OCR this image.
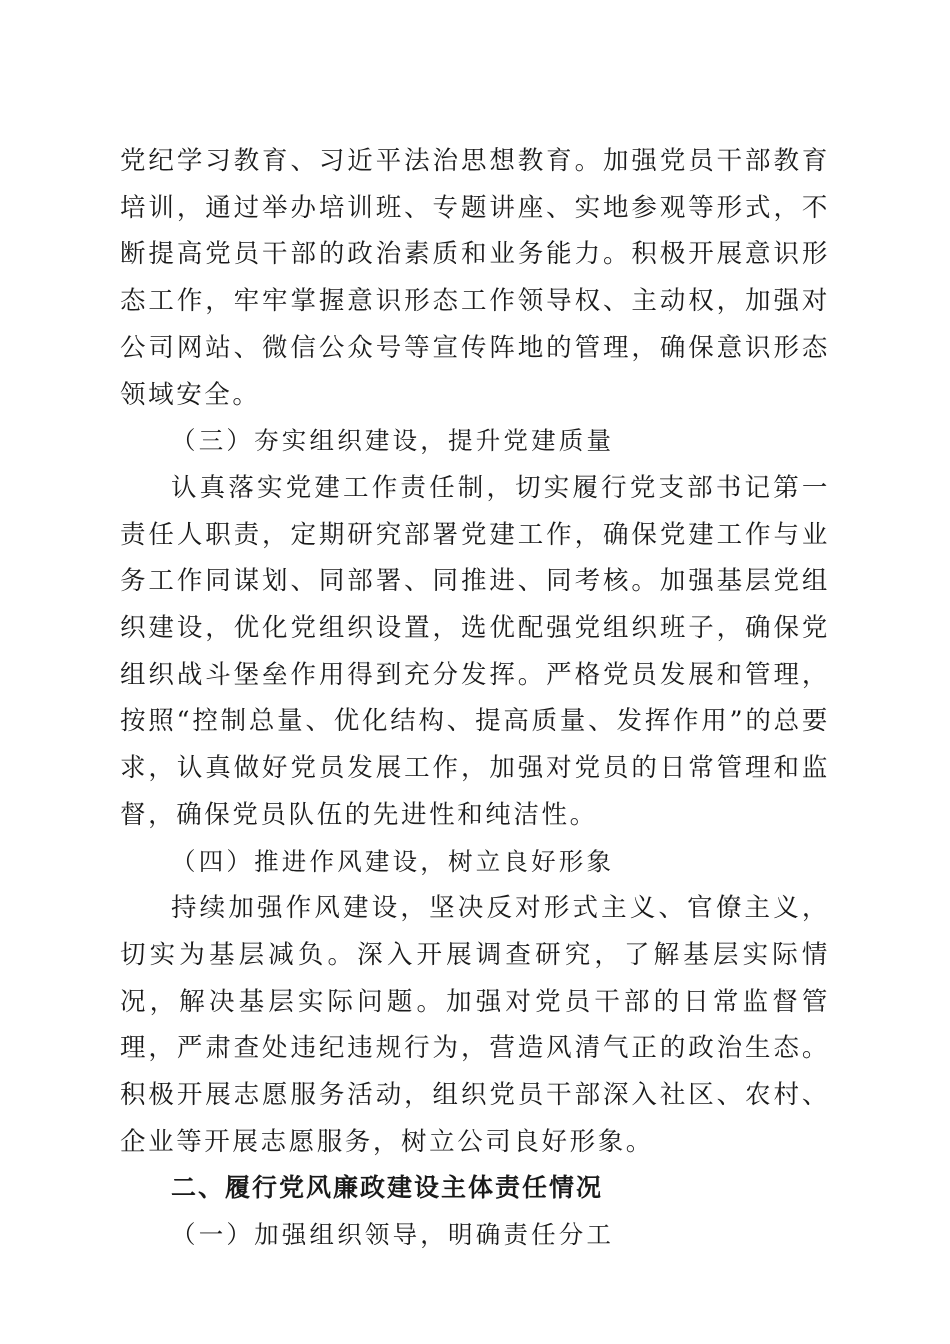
党纪学习教育、习近平法治思想教育。加强党员干部教育培训，通过举办培训班、专题讲座、实地参观等形式，不断提高党员干部的政治素质和业务能力。积极开展意识形态工作，牢牢掌握意识形态工作领导权、主动权，加强对公司网站、微信公众号等宣传阵地的管理，确保意识形态领域安全。

（三）夯实组织建设，提升党建质量

认真落实党建工作责任制，切实履行党支部书记第一责任人职责，定期研究部署党建工作，确保党建工作与业务工作同谋划、同部署、同推进、同考核。加强基层党组织建设，优化党组织设置，选优配强党组织班子，确保党组织战斗堡垒作用得到充分发挥。严格党员发展和管理，按照“控制总量、优化结构、提高质量、发挥作用”的总要求，认真做好党员发展工作，加强对党员的日常管理和监督，确保党员队伍的先进性和纯洁性。

（四）推进作风建设，树立良好形象

持续加强作风建设，坚决反对形式主义、官僚主义，切实为基层减负。深入开展调查研究，了解基层实际情况，解决基层实际问题。加强对党员干部的日常监督管理，严肃查处违纪违规行为，营造风清气正的政治生态。积极开展志愿服务活动，组织党员干部深入社区、农村、企业等开展志愿服务，树立公司良好形象。

二、履行党风廉政建设主体责任情况

（一）加强组织领导，明确责任分工
